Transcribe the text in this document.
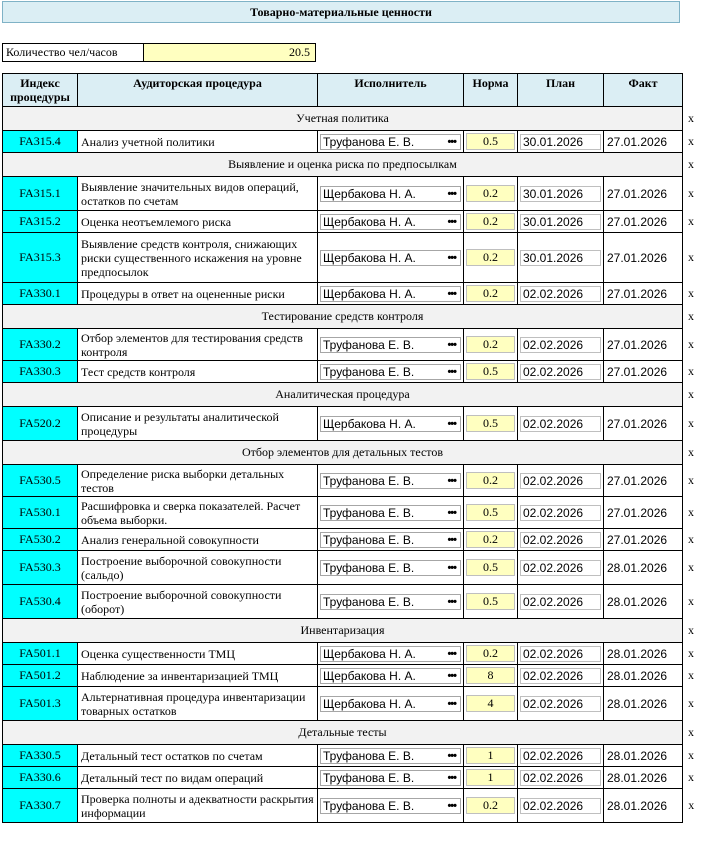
Товарно-материальные ценности
Количество чел/часов	20.5
Индекс процедуры	Аудиторская процедура	Исполнитель	Норма	План	Факт	
Учетная политика						x
FA315.4	Анализ учетной политики	Труфанова Е. В. •••	0.5	30.01.2026	27.01.2026	x
Выявление и оценка риска по предпосылкам						x
FA315.1	Выявление значительных видов операций, остатков по счетам	Щербакова Н. А. •••	0.2	30.01.2026	27.01.2026	x
FA315.2	Оценка неотъемлемого риска	Щербакова Н. А. •••	0.2	30.01.2026	27.01.2026	x
FA315.3	Выявление средств контроля, снижающих риски существенного искажения на уровне предпосылок	Щербакова Н. А. •••	0.2	30.01.2026	27.01.2026	x
FA330.1	Процедуры в ответ на оцененные риски	Щербакова Н. А. •••	0.2	02.02.2026	27.01.2026	x
Тестирование средств контроля						x
FA330.2	Отбор элементов для тестирования средств контроля	Труфанова Е. В. •••	0.2	02.02.2026	27.01.2026	x
FA330.3	Тест средств контроля	Труфанова Е. В. •••	0.5	02.02.2026	27.01.2026	x
Аналитическая процедура						x
FA520.2	Описание и результаты аналитической процедуры	Щербакова Н. А. •••	0.5	02.02.2026	27.01.2026	x
Отбор элементов для детальных тестов						x
FA530.5	Определение риска выборки детальных тестов	Труфанова Е. В. •••	0.2	02.02.2026	27.01.2026	x
FA530.1	Расшифровка и сверка показателей. Расчет объема выборки.	Труфанова Е. В. •••	0.5	02.02.2026	27.01.2026	x
FA530.2	Анализ генеральной совокупности	Труфанова Е. В. •••	0.2	02.02.2026	27.01.2026	x
FA530.3	Построение выборочной совокупности (сальдо)	Труфанова Е. В. •••	0.5	02.02.2026	28.01.2026	x
FA530.4	Построение выборочной совокупности (оборот)	Труфанова Е. В. •••	0.5	02.02.2026	28.01.2026	x
Инвентаризация						x
FA501.1	Оценка существенности ТМЦ	Щербакова Н. А. •••	0.2	02.02.2026	28.01.2026	x
FA501.2	Наблюдение за инвентаризацией ТМЦ	Щербакова Н. А. •••	8	02.02.2026	28.01.2026	x
FA501.3	Альтернативная процедура инвентаризации товарных остатков	Щербакова Н. А. •••	4	02.02.2026	28.01.2026	x
Детальные тесты						x
FA330.5	Детальный тест остатков по счетам	Труфанова Е. В. •••	1	02.02.2026	28.01.2026	x
FA330.6	Детальный тест по видам операций	Труфанова Е. В. •••	1	02.02.2026	28.01.2026	x
FA330.7	Проверка полноты и адекватности раскрытия информации	Труфанова Е. В. •••	0.2	02.02.2026	28.01.2026	x
